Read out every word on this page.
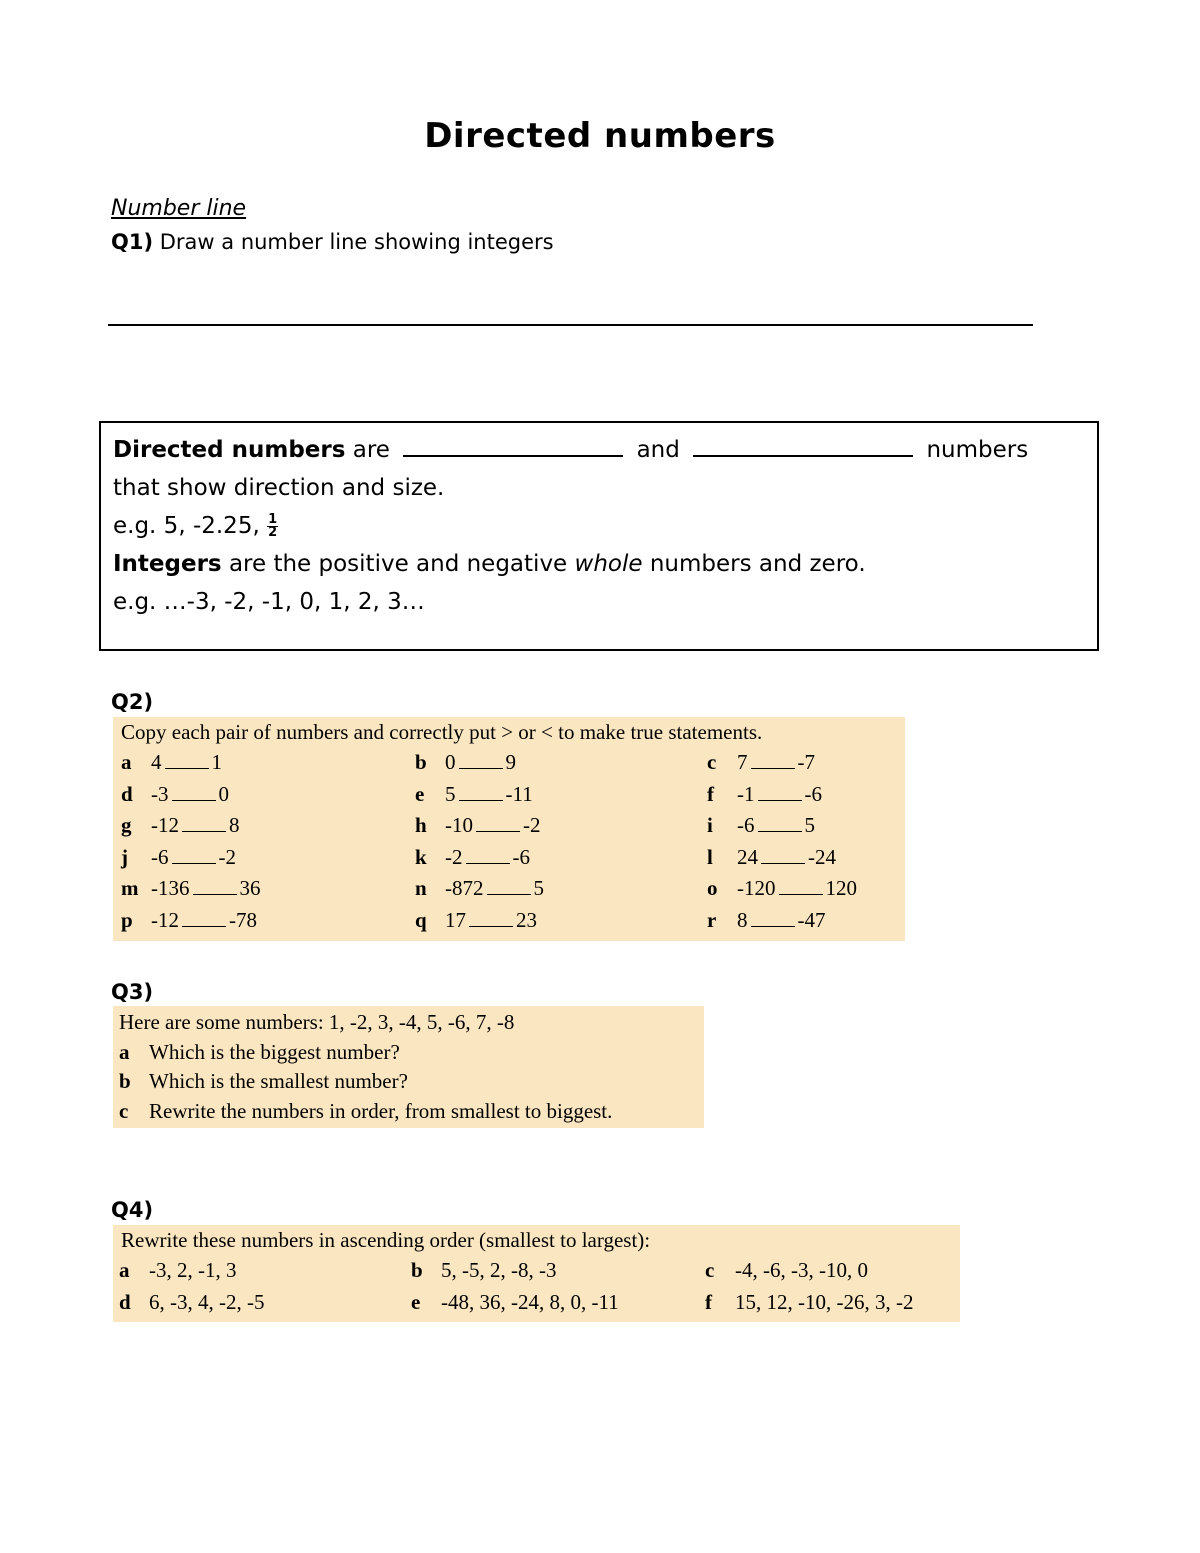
Directed numbers
Number line
Q1) Draw a number line showing integers
Directed numbers are	and	numbers
that show direction and size.
e.g. 5, -2.25, $\frac{1}{2}$
Integers are the positive and negative whole numbers and zero.
e.g. …-3, -2, -1, 0, 1, 2, 3…
Q2)
Copy each pair of numbers and correctly put > or < to make true statements.
a 4 1	b 0 9	c 7 -7
d -3 0	e 5 -11	f -1 -6
g -12 8	h -10 -2	i -6 5
j -6 -2	k -2 -6	l 24 -24
m -136 36	n -872 5	o -120 120
p -12 -78	q 17 23	r 8 -47
Q3)
Here are some numbers: 1, -2, 3, -4, 5, -6, 7, -8
a Which is the biggest number?
b Which is the smallest number?
c Rewrite the numbers in order, from smallest to biggest.
Q4)
Rewrite these numbers in ascending order (smallest to largest):
a -3, 2, -1, 3	b 5, -5, 2, -8, -3	c -4, -6, -3, -10, 0
d 6, -3, 4, -2, -5	e -48, 36, -24, 8, 0, -11	f 15, 12, -10, -26, 3, -2
